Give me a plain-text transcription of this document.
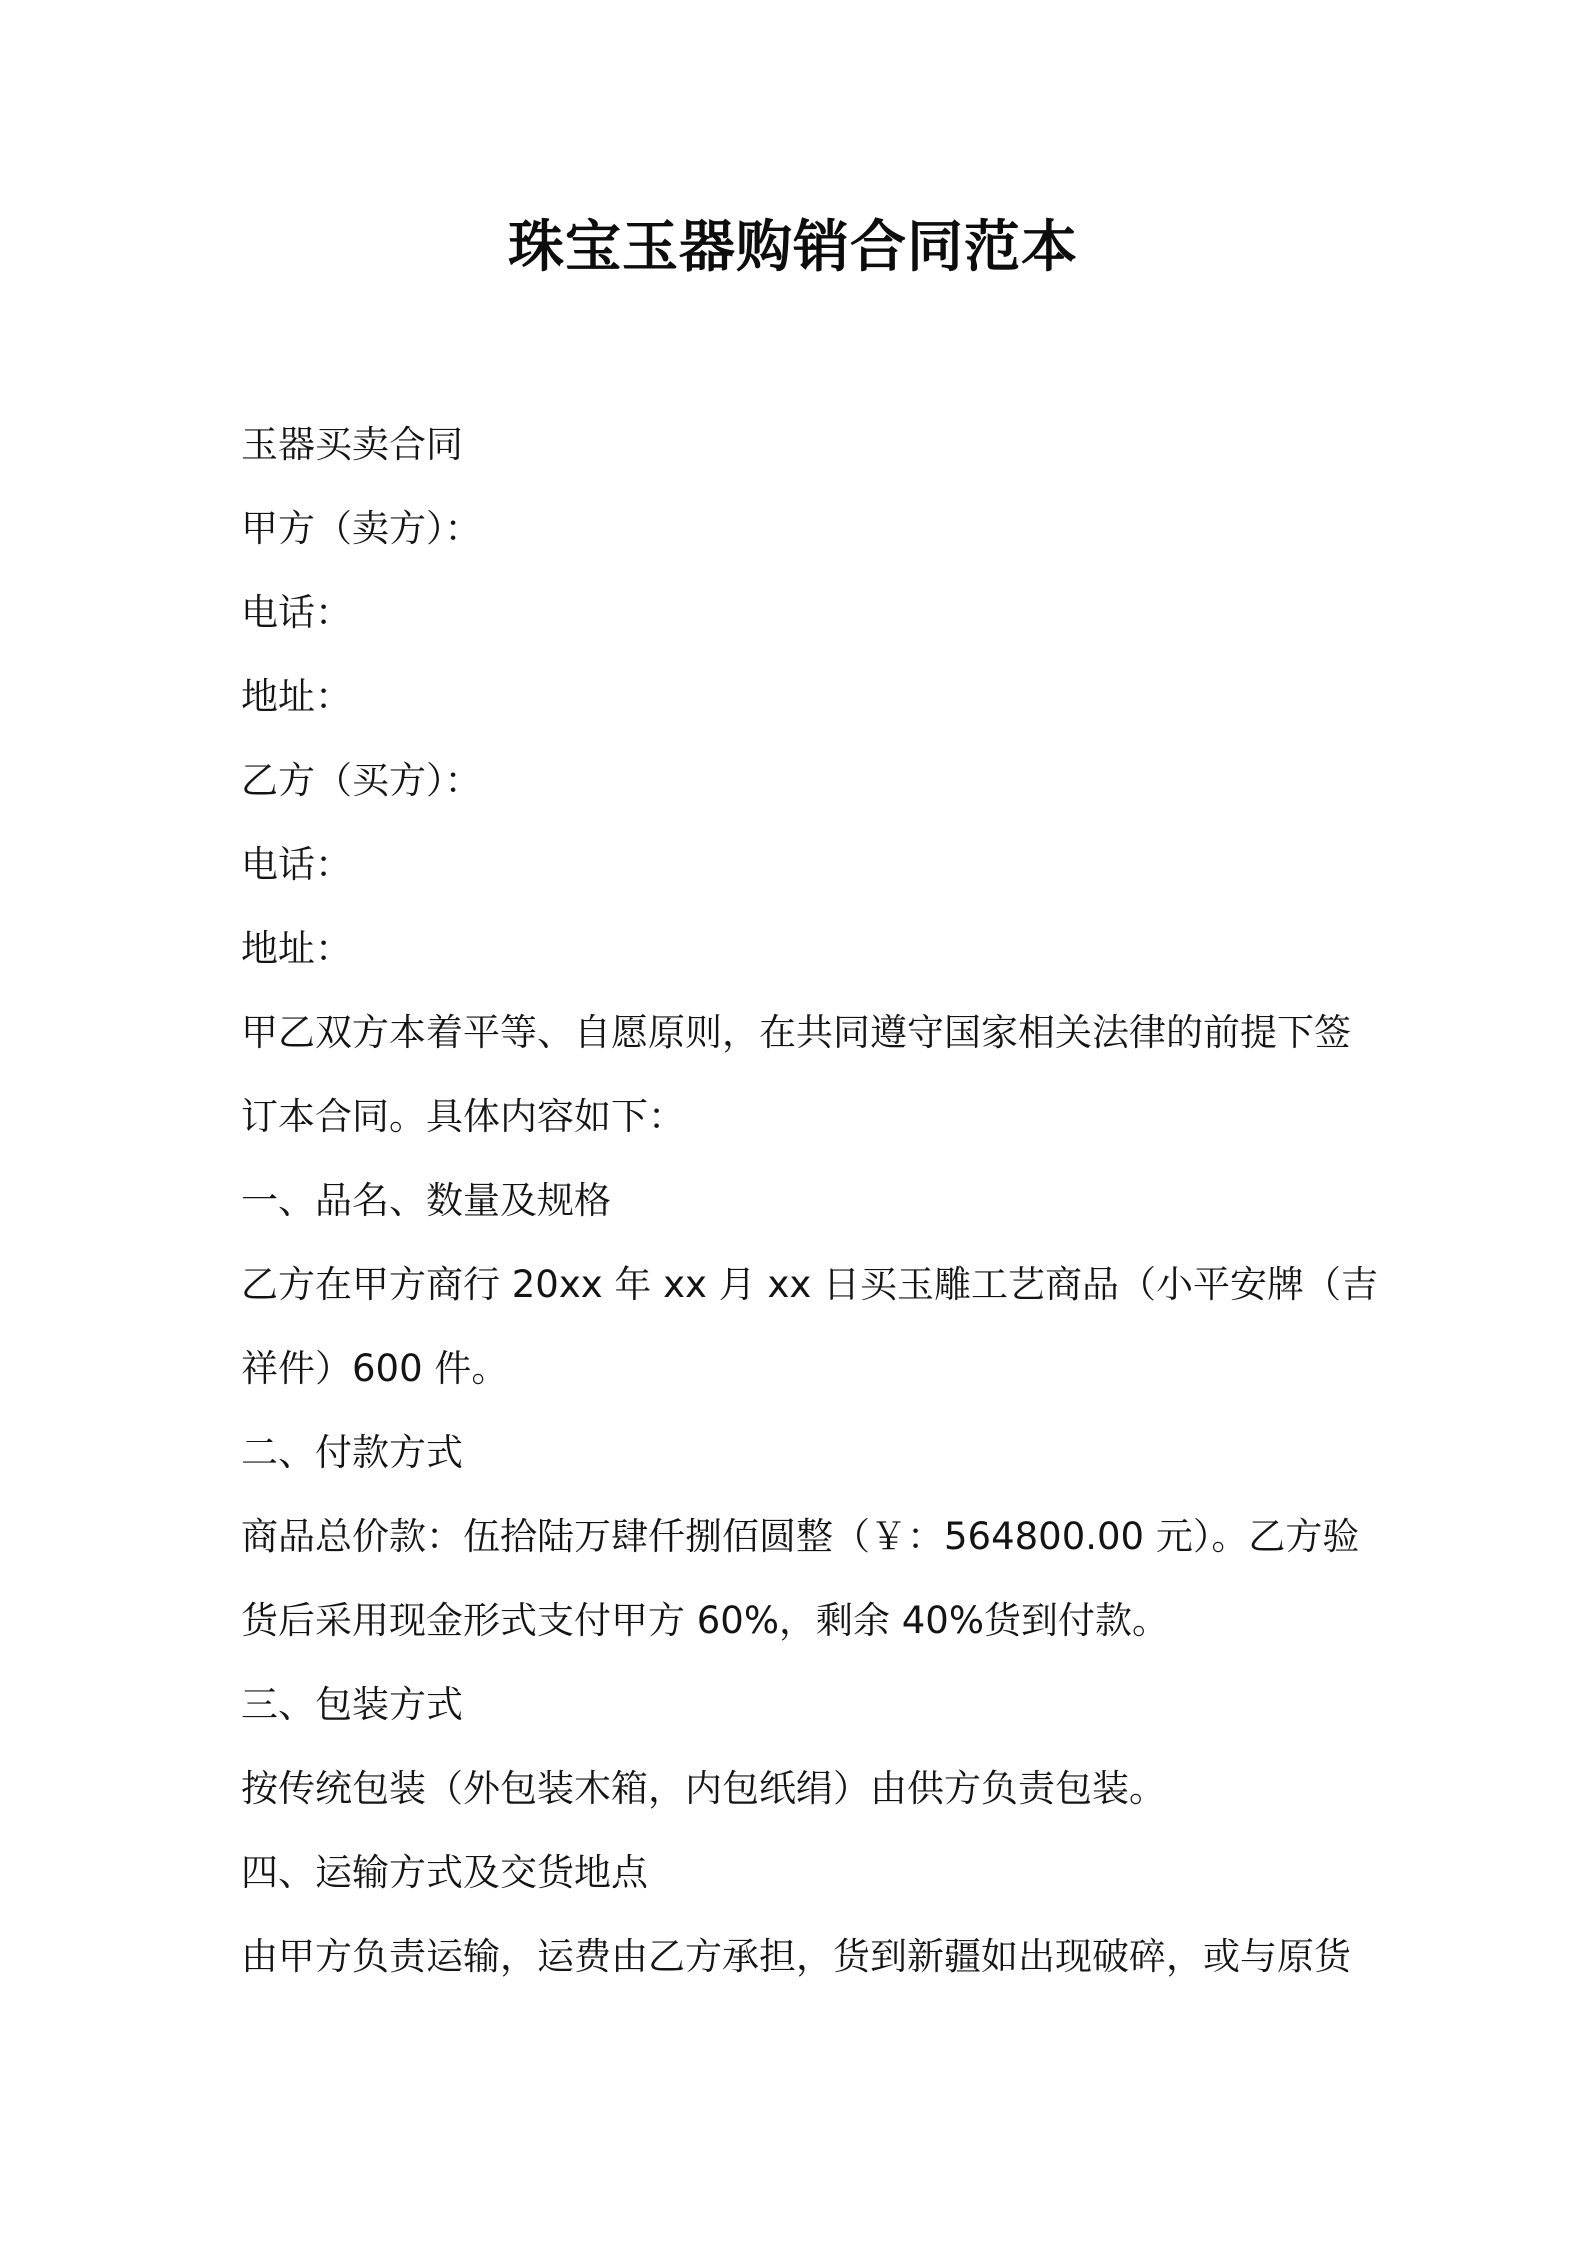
珠宝玉器购销合同范本
玉器买卖合同
甲方（卖方）：
电话：
地址：
乙方（买方）：
电话：
地址：
甲乙双方本着平等、自愿原则，在共同遵守国家相关法律的前提下签
订本合同。具体内容如下：
一、品名、数量及规格
乙方在甲方商行 20xx 年 xx 月 xx 日买玉雕工艺商品（小平安牌（吉
祥件）600 件。
二、付款方式
商品总价款：伍拾陆万肆仟捌佰圆整（￥：564800.00 元）。乙方验
货后采用现金形式支付甲方 60%，剩余 40%货到付款。
三、包装方式
按传统包装（外包装木箱，内包纸绢）由供方负责包装。
四、运输方式及交货地点
由甲方负责运输，运费由乙方承担，货到新疆如出现破碎，或与原货
